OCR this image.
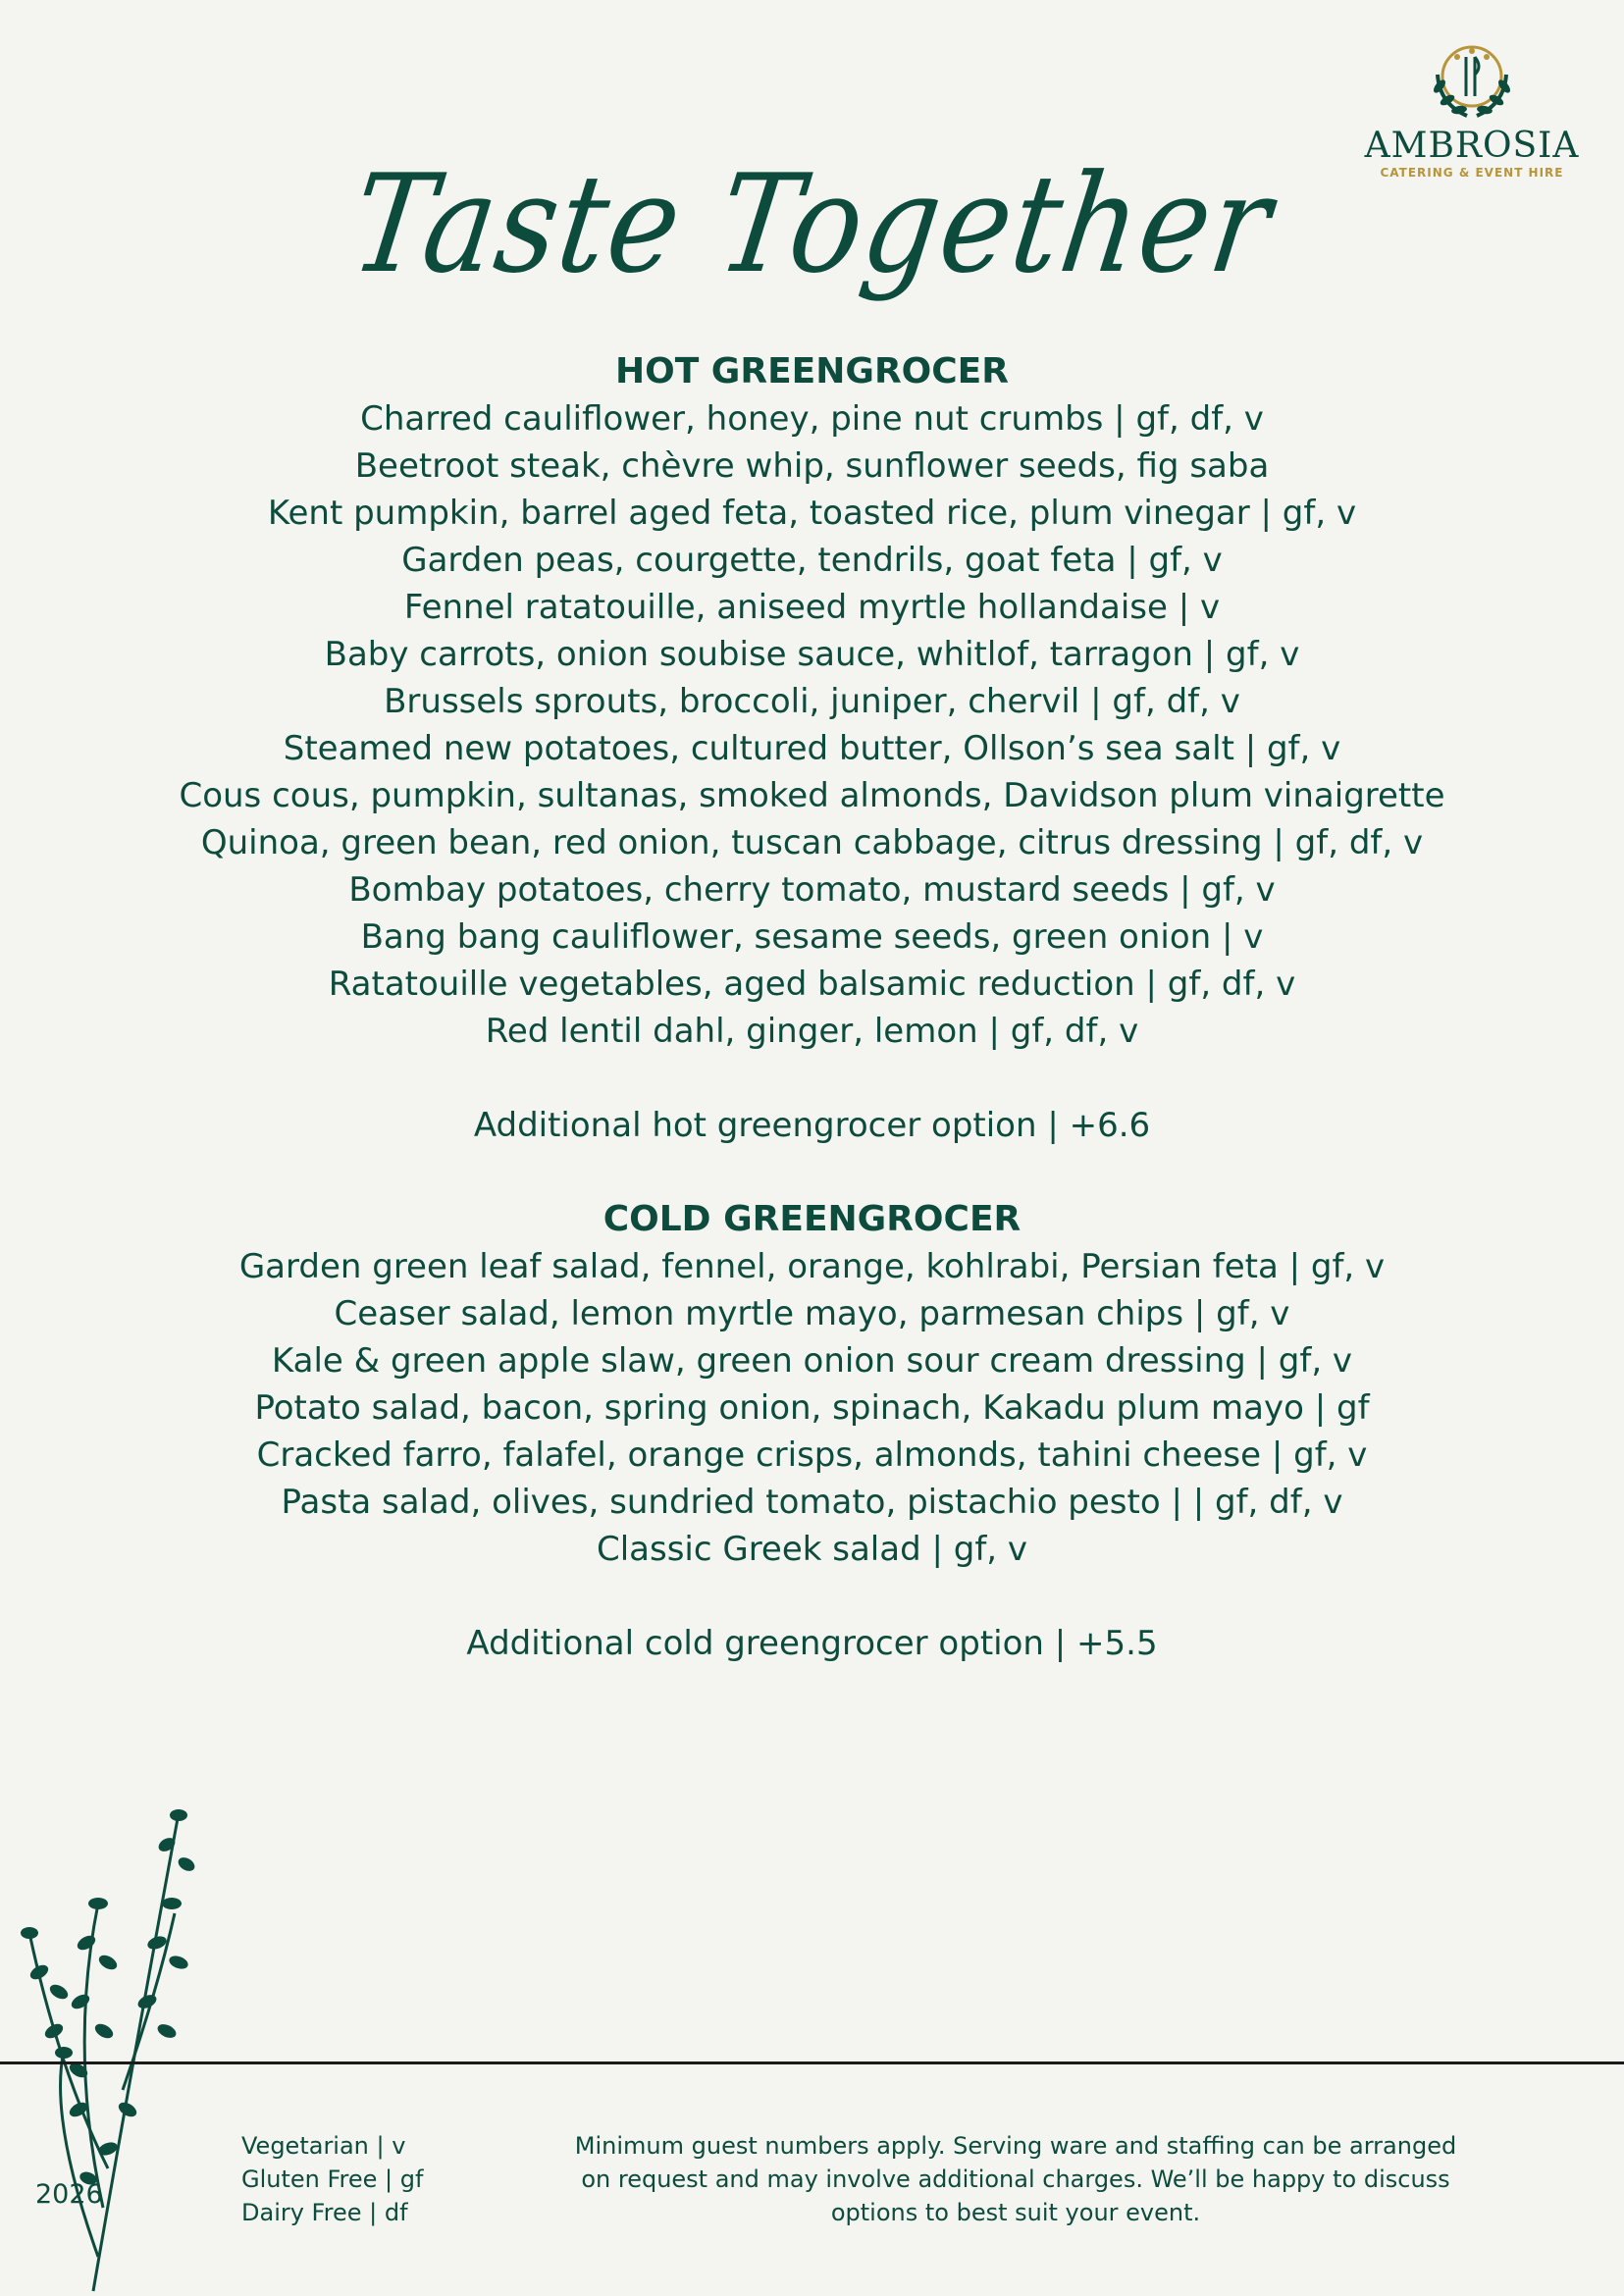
AMBROSIA
CATERING & EVENT HIRE
Taste Together
HOT GREENGROCER
Charred cauliflower, honey, pine nut crumbs | gf, df, v
Beetroot steak, chèvre whip, sunflower seeds, fig saba
Kent pumpkin, barrel aged feta, toasted rice, plum vinegar | gf, v
Garden peas, courgette, tendrils, goat feta | gf, v
Fennel ratatouille, aniseed myrtle hollandaise | v
Baby carrots, onion soubise sauce, whitlof, tarragon | gf, v
Brussels sprouts, broccoli, juniper, chervil | gf, df, v
Steamed new potatoes, cultured butter, Ollson’s sea salt | gf, v
Cous cous, pumpkin, sultanas, smoked almonds, Davidson plum vinaigrette
Quinoa, green bean, red onion, tuscan cabbage, citrus dressing | gf, df, v
Bombay potatoes, cherry tomato, mustard seeds | gf, v
Bang bang cauliflower, sesame seeds, green onion | v
Ratatouille vegetables, aged balsamic reduction | gf, df, v
Red lentil dahl, ginger, lemon | gf, df, v
Additional hot greengrocer option | +6.6
COLD GREENGROCER
Garden green leaf salad, fennel, orange, kohlrabi, Persian feta | gf, v
Ceaser salad, lemon myrtle mayo, parmesan chips | gf, v
Kale & green apple slaw, green onion sour cream dressing | gf, v
Potato salad, bacon, spring onion, spinach, Kakadu plum mayo | gf
Cracked farro, falafel, orange crisps, almonds, tahini cheese | gf, v
Pasta salad, olives, sundried tomato, pistachio pesto | | gf, df, v
Classic Greek salad | gf, v
Additional cold greengrocer option | +5.5
2026
Vegetarian | v
Gluten Free | gf
Dairy Free | df
Minimum guest numbers apply. Serving ware and staffing can be arranged
on request and may involve additional charges. We’ll be happy to discuss
options to best suit your event.
